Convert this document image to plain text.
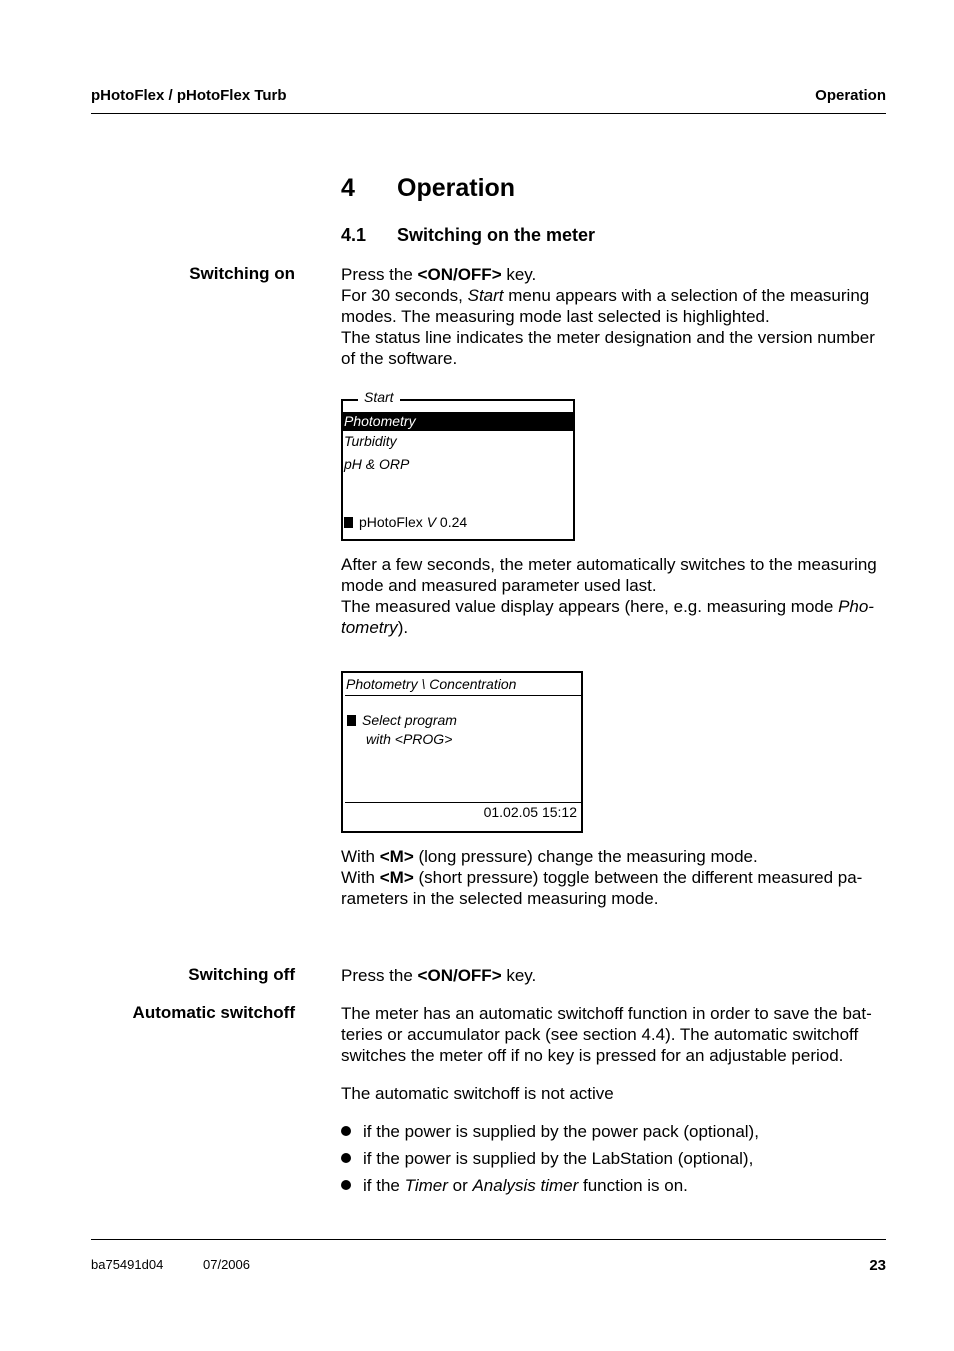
pHotoFlex / pHotoFlex Turb	Operation
4 Operation
4.1 Switching on the meter
Switching on	Press the <ON/OFF> key.

For 30 seconds, Start menu appears with a selection of the measuring modes. The measuring mode last selected is highlighted.

The status line indicates the meter designation and the version number of the software.

Start
Photometry
Turbidity
pH & ORP
pHotoFlex V 0.24

After a few seconds, the meter automatically switches to the measuring mode and measured parameter used last.

The measured value display appears (here, e.g. measuring mode Pho-tometry).

Photometry \ Concentration
Select program
with <PROG>
01.02.05 15:12

With <M> (long pressure) change the measuring mode.

With <M> (short pressure) toggle between the different measured pa-rameters in the selected measuring mode.

Switching off	Press the <ON/OFF> key.

Automatic switchoff	The meter has an automatic switchoff function in order to save the bat-teries or accumulator pack (see section 4.4). The automatic switchoff switches the meter off if no key is pressed for an adjustable period.
The automatic switchoff is not active
if the power is supplied by the power pack (optional),
if the power is supplied by the LabStation (optional),
if the Timer or Analysis timer function is on.
ba75491d04	07/2006	23
